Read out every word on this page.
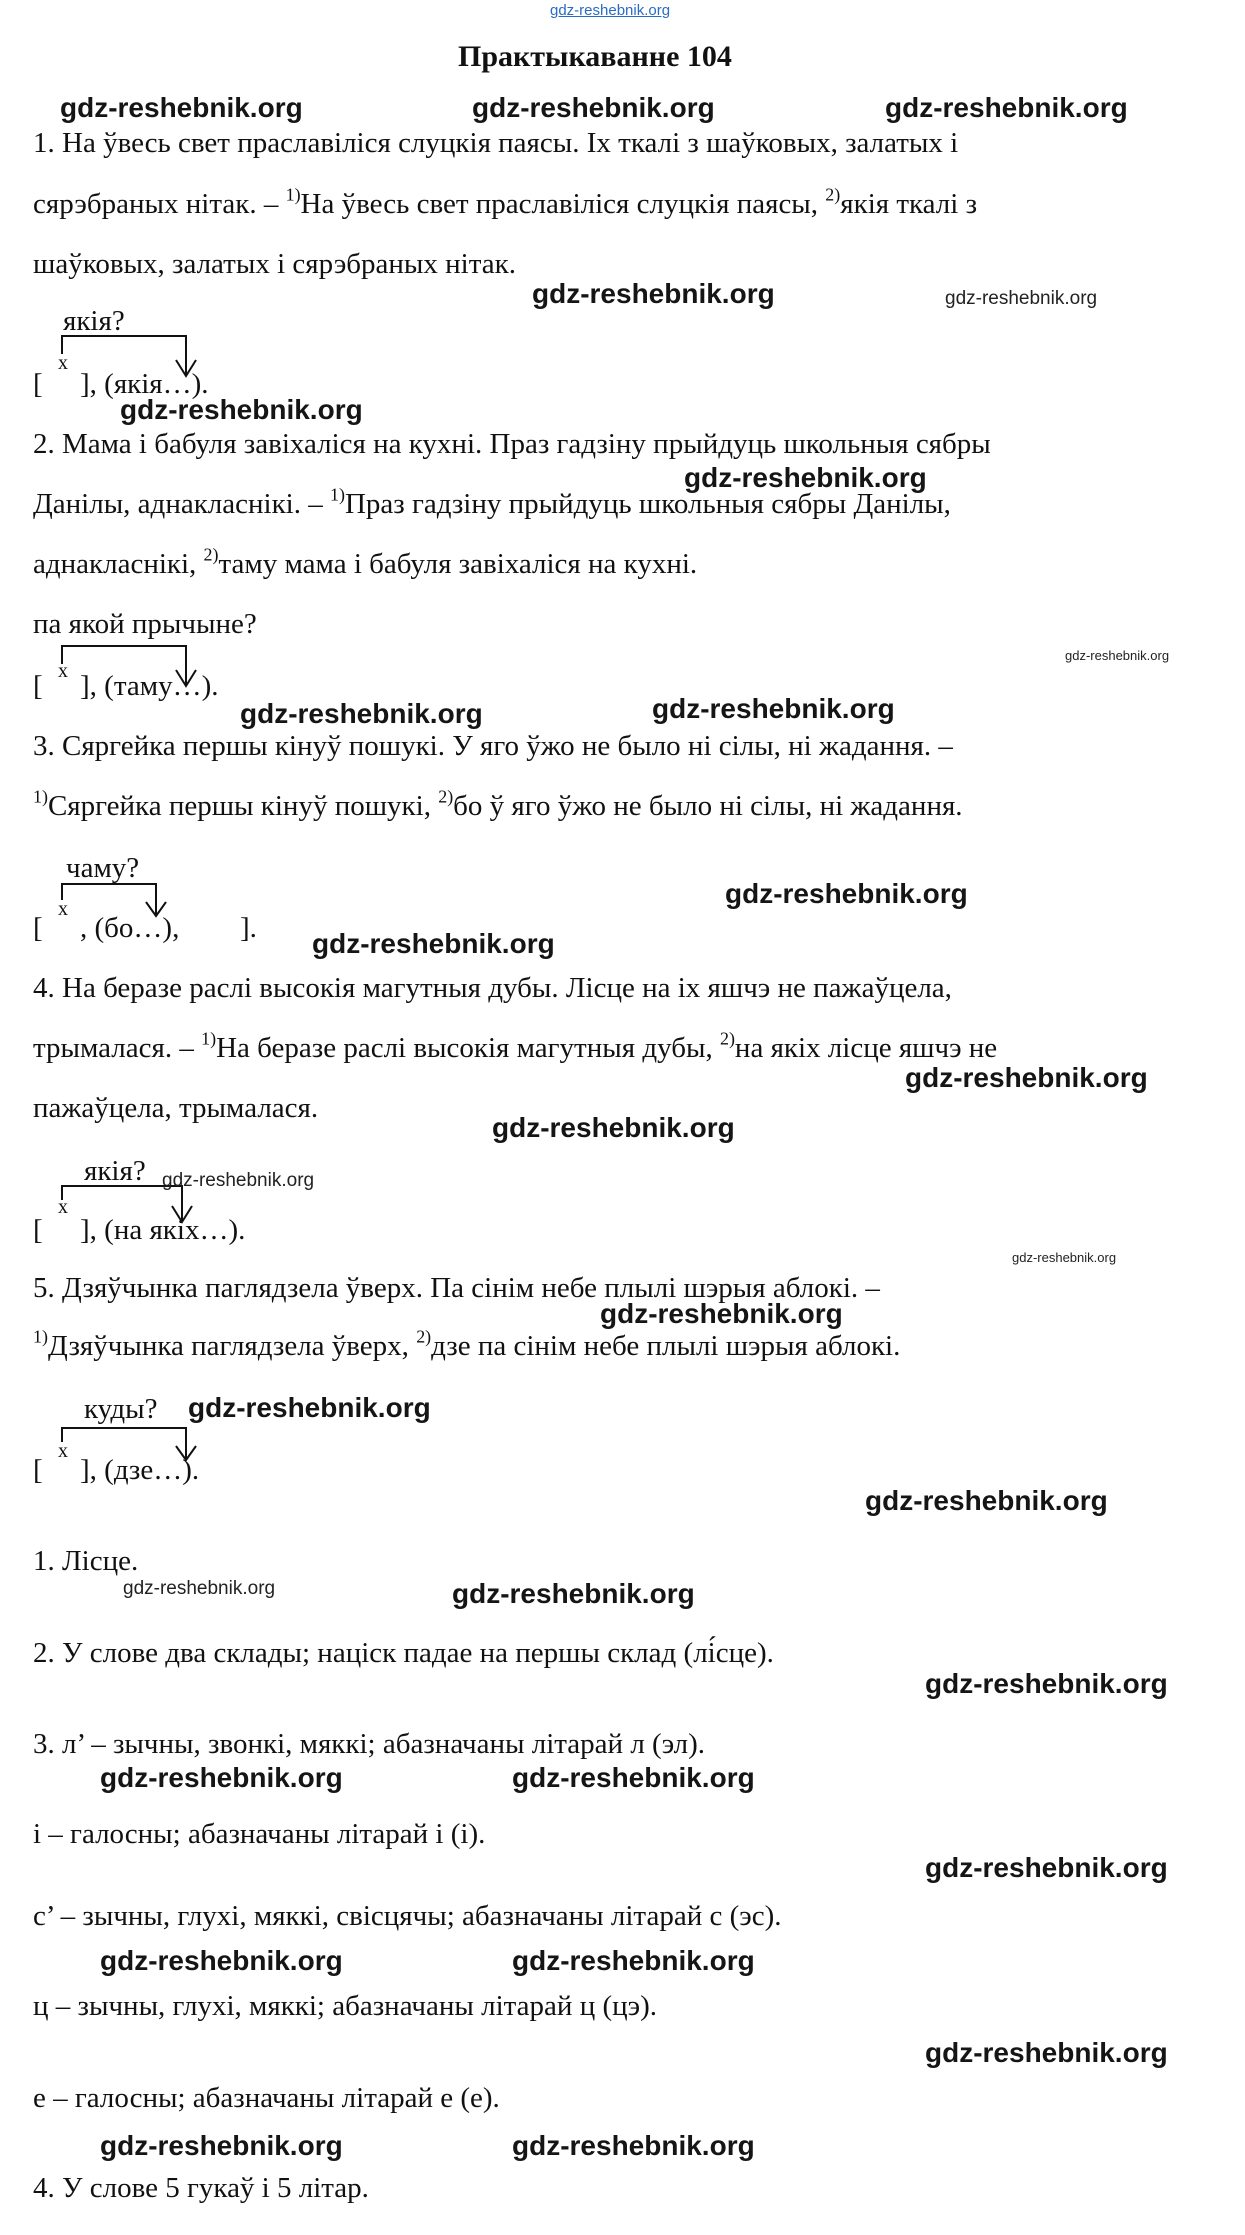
gdz-reshebnik.org
Практыкаванне 104
1. На ўвесь свет праславіліся слуцкія паясы. Іх ткалі з шаўковых, залатых і
сярэбраных нітак. – $^{1)}$На ўвесь свет праславіліся слуцкія паясы, $^{2)}$якія ткалі з
шаўковых, залатых і сярэбраных нітак.
якія?
x
[ ], (якія…).
2. Мама і бабуля завіхаліся на кухні. Праз гадзіну прыйдуць школьныя сябры
Данілы, аднакласнікі. – $^{1)}$Праз гадзіну прыйдуць школьныя сябры Данілы,
аднакласнікі, $^{2)}$таму мама і бабуля завіхаліся на кухні.
па якой прычыне?
x
[ ], (таму…).
3. Сяргейка першы кінуў пошукі. У яго ўжо не было ні сілы, ні жадання. –
$^{1)}$Сяргейка першы кінуў пошукі, $^{2)}$бо ў яго ўжо не было ні сілы, ні жадання.
чаму?
x
[ , (бо…), ].
4. На беразе раслі высокія магутныя дубы. Лісце на іх яшчэ не пажаўцела,
трымалася. – $^{1)}$На беразе раслі высокія магутныя дубы, $^{2)}$на якіх лісце яшчэ не
пажаўцела, трымалася.
якія?
x
[ ], (на якіх…).
5. Дзяўчынка паглядзела ўверх. Па сінім небе плылі шэрыя аблокі. –
$^{1)}$Дзяўчынка паглядзела ўверх, $^{2)}$дзе па сінім небе плылі шэрыя аблокі.
куды?
x
[ ], (дзе…).
1. Лісце.
2. У слове два склады; націск падае на першы склад (лі́сце).
3. л’ – зычны, звонкі, мяккі; абазначаны літарай л (эл).
і – галосны; абазначаны літарай і (і).
с’ – зычны, глухі, мяккі, свісцячы; абазначаны літарай с (эс).
ц – зычны, глухі, мяккі; абазначаны літарай ц (цэ).
е – галосны; абазначаны літарай е (е).
4. У слове 5 гукаў і 5 літар.
gdz-reshebnik.org	gdz-reshebnik.org	gdz-reshebnik.org
gdz-reshebnik.org	gdz-reshebnik.org
gdz-reshebnik.org
gdz-reshebnik.org
gdz-reshebnik.org
gdz-reshebnik.org	gdz-reshebnik.org
gdz-reshebnik.org
gdz-reshebnik.org
gdz-reshebnik.org
gdz-reshebnik.org
gdz-reshebnik.org
gdz-reshebnik.org
gdz-reshebnik.org
gdz-reshebnik.org
gdz-reshebnik.org
gdz-reshebnik.org	gdz-reshebnik.org
gdz-reshebnik.org
gdz-reshebnik.org	gdz-reshebnik.org
gdz-reshebnik.org
gdz-reshebnik.org	gdz-reshebnik.org
gdz-reshebnik.org
gdz-reshebnik.org	gdz-reshebnik.org
